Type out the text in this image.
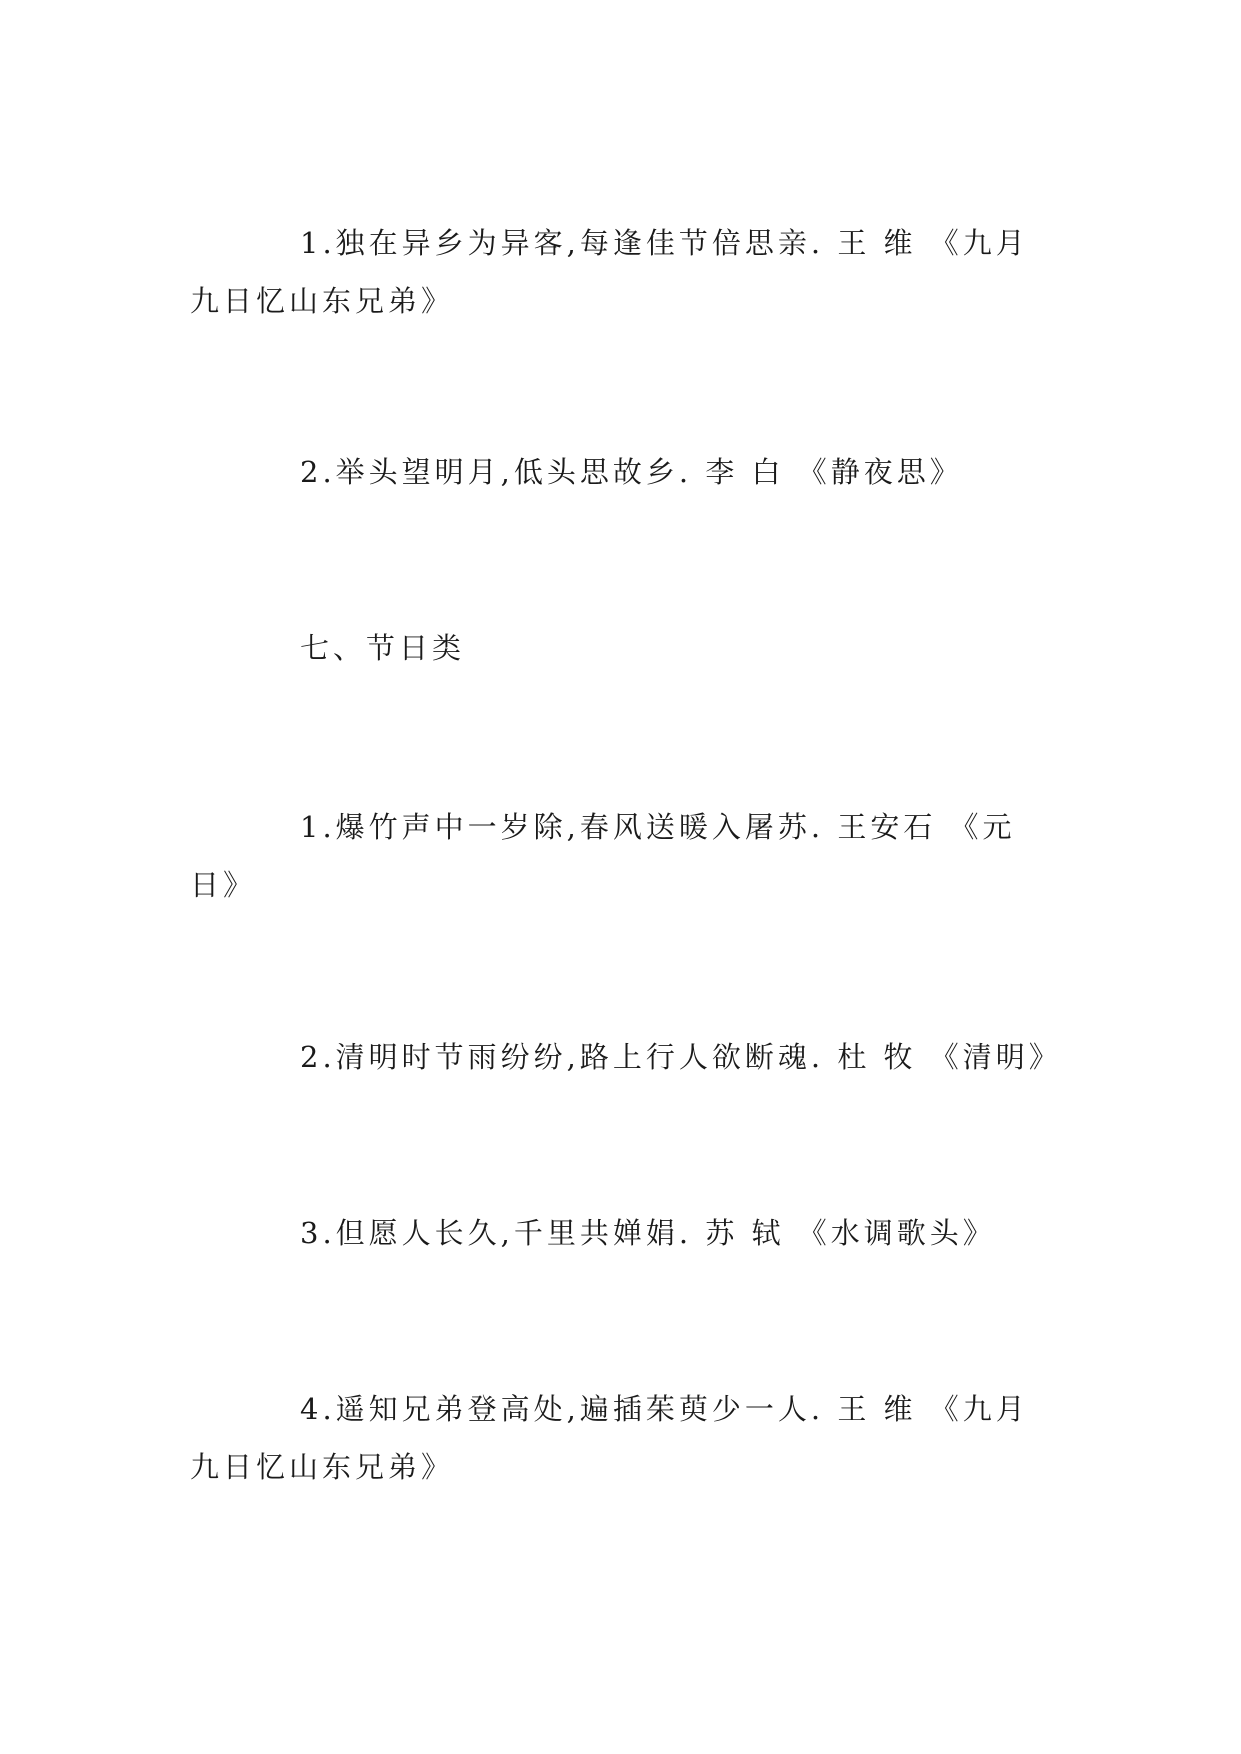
1.独在异乡为异客,每逢佳节倍思亲. 王 维 《九月九日忆山东兄弟》

2.举头望明月,低头思故乡. 李 白 《静夜思》

七、节日类

1.爆竹声中一岁除,春风送暖入屠苏. 王安石 《元日》

2.清明时节雨纷纷,路上行人欲断魂. 杜 牧 《清明》

3.但愿人长久,千里共婵娟. 苏 轼 《水调歌头》

4.遥知兄弟登高处,遍插茱萸少一人. 王 维 《九月九日忆山东兄弟》
